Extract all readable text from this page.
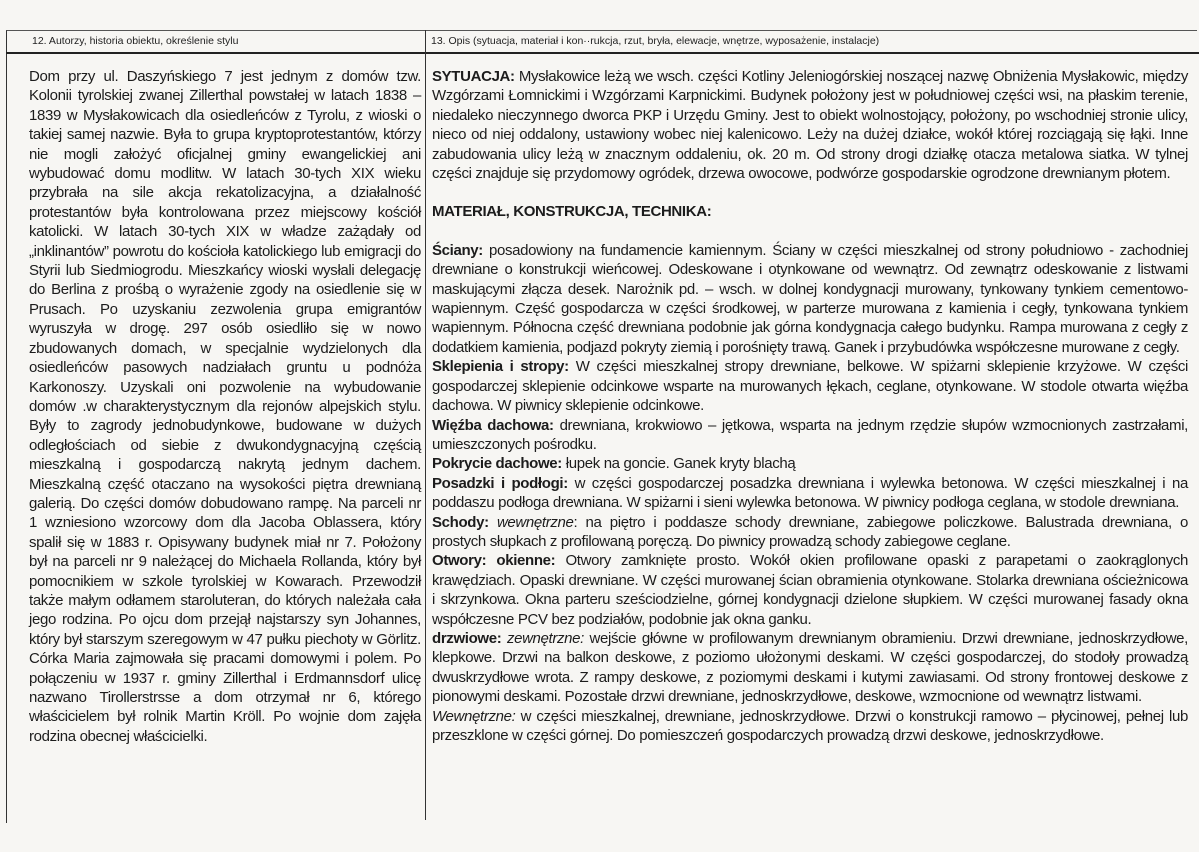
12. Autorzy, historia obiektu, określenie stylu	13. Opis (sytuacja, materiał i kon··rukcja, rzut, bryła, elewacje, wnętrze, wyposażenie, instalacje)
Dom przy ul. Daszyńskiego 7 jest jednym z domów tzw. Kolonii tyrolskiej zwanej Zillerthal powstałej w latach 1838 – 1839 w Mysłakowicach dla osiedleńców z Tyrolu, z wioski o takiej samej nazwie. Była to grupa kryptoprotestantów, którzy nie mogli założyć oficjalnej gminy ewangelickiej ani wybudować domu modlitw. W latach 30-tych XIX wieku przybrała na sile akcja rekatolizacyjna, a działalność protestantów była kontrolowana przez miejscowy kościół katolicki. W latach 30-tych XIX w władze zażądały od „inklinantów” powrotu do kościoła katolickiego lub emigracji do Styrii lub Siedmiogrodu. Mieszkańcy wioski wysłali delegację do Berlina z prośbą o wyrażenie zgody na osiedlenie się w Prusach. Po uzyskaniu zezwolenia grupa emigrantów wyruszyła w drogę. 297 osób osiedliło się w nowo zbudowanych domach, w specjalnie wydzielonych dla osiedleńców pasowych nadziałach gruntu u podnóża Karkonoszy. Uzyskali oni pozwolenie na wybudowanie domów .w charakterystycznym dla rejonów alpejskich stylu. Były to zagrody jednobudynkowe, budowane w dużych odległościach od siebie z dwukondygnacyjną częścią mieszkalną i gospodarczą nakrytą jednym dachem. Mieszkalną część otaczano na wysokości piętra drewnianą galerią. Do części domów dobudowano rampę. Na parceli nr 1 wzniesiono wzorcowy dom dla Jacoba Oblassera, który spalił się w 1883 r. Opisywany budynek miał nr 7. Położony był na parceli nr 9 należącej do Michaela Rollanda, który był pomocnikiem w szkole tyrolskiej w Kowarach. Przewodził także małym odłamem staroluteran, do których należała cała jego rodzina. Po ojcu dom przejął najstarszy syn Johannes, który był starszym szeregowym w 47 pułku piechoty w Görlitz. Córka Maria zajmowała się pracami domowymi i polem. Po połączeniu w 1937 r. gminy Zillerthal i Erdmannsdorf ulicę nazwano Tirollerstrsse a dom otrzymał nr 6, którego właścicielem był rolnik Martin Kröll. Po wojnie dom zajęła rodzina obecnej właścicielki.

SYTUACJA: Mysłakowice leżą we wsch. części Kotliny Jeleniogórskiej noszącej nazwę Obniżenia Mysłakowic, między Wzgórzami Łomnickimi i Wzgórzami Karpnickimi. Budynek położony jest w południowej części wsi, na płaskim terenie, niedaleko nieczynnego dworca PKP i Urzędu Gminy. Jest to obiekt wolnostojący, położony, po wschodniej stronie ulicy, nieco od niej oddalony, ustawiony wobec niej kalenicowo. Leży na dużej działce, wokół której rozciągają się łąki. Inne zabudowania ulicy leżą w znacznym oddaleniu, ok. 20 m. Od strony drogi działkę otacza metalowa siatka. W tylnej części znajduje się przydomowy ogródek, drzewa owocowe, podwórze gospodarskie ogrodzone drewnianym płotem.

MATERIAŁ, KONSTRUKCJA, TECHNIKA:

Ściany: posadowiony na fundamencie kamiennym. Ściany w części mieszkalnej od strony południowo - zachodniej drewniane o konstrukcji wieńcowej. Odeskowane i otynkowane od wewnątrz. Od zewnątrz odeskowanie z listwami maskującymi złącza desek. Narożnik pd. – wsch. w dolnej kondygnacji murowany, tynkowany tynkiem cementowo- wapiennym. Część gospodarcza w części środkowej, w parterze murowana z kamienia i cegły, tynkowana tynkiem wapiennym. Północna część drewniana podobnie jak górna kondygnacja całego budynku. Rampa murowana z cegły z dodatkiem kamienia, podjazd pokryty ziemią i porośnięty trawą. Ganek i przybudówka współczesne murowane z cegły.

Sklepienia i stropy: W części mieszkalnej stropy drewniane, belkowe. W spiżarni sklepienie krzyżowe. W części gospodarczej sklepienie odcinkowe wsparte na murowanych łękach, ceglane, otynkowane. W stodole otwarta więźba dachowa. W piwnicy sklepienie odcinkowe.

Więźba dachowa: drewniana, krokwiowo – jętkowa, wsparta na jednym rzędzie słupów wzmocnionych zastrzałami, umieszczonych pośrodku.

Pokrycie dachowe: łupek na goncie. Ganek kryty blachą

Posadzki i podłogi: w części gospodarczej posadzka drewniana i wylewka betonowa. W części mieszkalnej i na poddaszu podłoga drewniana. W spiżarni i sieni wylewka betonowa. W piwnicy podłoga ceglana, w stodole drewniana.

Schody: wewnętrzne: na piętro i poddasze schody drewniane, zabiegowe policzkowe. Balustrada drewniana, o prostych słupkach z profilowaną poręczą. Do piwnicy prowadzą schody zabiegowe ceglane.

Otwory: okienne: Otwory zamknięte prosto. Wokół okien profilowane opaski z parapetami o zaokrąglonych krawędziach. Opaski drewniane. W części murowanej ścian obramienia otynkowane. Stolarka drewniana ościeżnicowa i skrzynkowa. Okna parteru sześciodzielne, górnej kondygnacji dzielone słupkiem. W części murowanej fasady okna współczesne PCV bez podziałów, podobnie jak okna ganku.

drzwiowe: zewnętrzne: wejście główne w profilowanym drewnianym obramieniu. Drzwi drewniane, jednoskrzydłowe, klepkowe. Drzwi na balkon deskowe, z poziomo ułożonymi deskami. W części gospodarczej, do stodoły prowadzą dwuskrzydłowe wrota. Z rampy deskowe, z poziomymi deskami i kutymi zawiasami. Od strony frontowej deskowe z pionowymi deskami. Pozostałe drzwi drewniane, jednoskrzydłowe, deskowe, wzmocnione od wewnątrz listwami.

Wewnętrzne: w części mieszkalnej, drewniane, jednoskrzydłowe. Drzwi o konstrukcji ramowo – płycinowej, pełnej lub przeszklone w części górnej. Do pomieszczeń gospodarczych prowadzą drzwi deskowe, jednoskrzydłowe.
